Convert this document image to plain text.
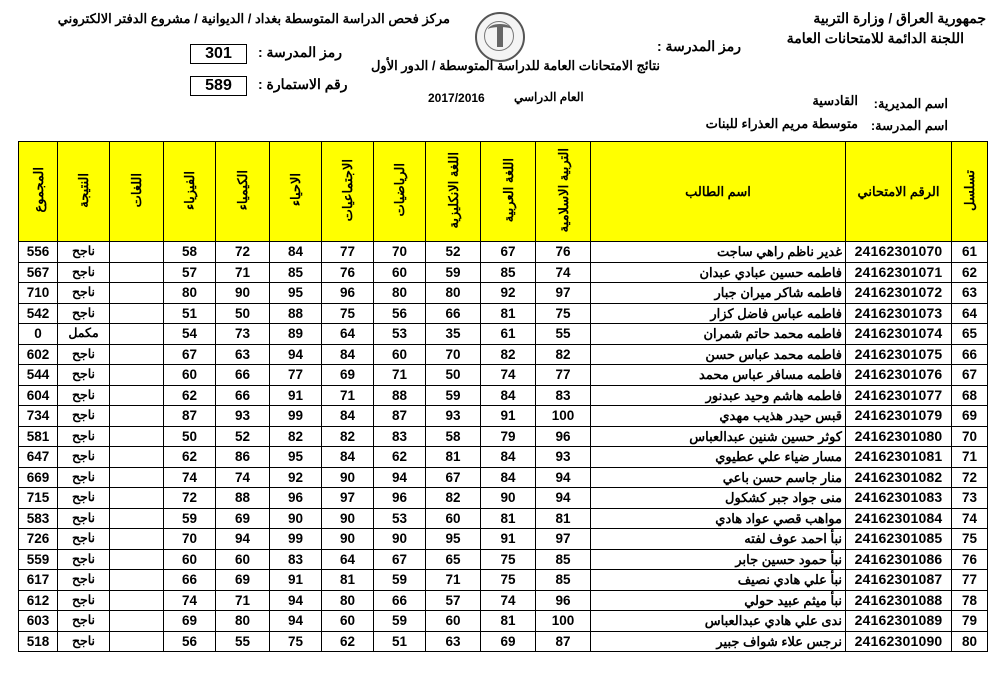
جمهورية العراق / وزارة التربية
اللجنة الدائمة للامتحانات العامة
مركز فحص الدراسة المتوسطة بغداد / الديوانية / مشروع الدفتر الالكتروني
نتائج الامتحانات العامة للدراسة المتوسطة / الدور الأول
رمز المدرسة :
301	رمز المدرسة :
589	رقم الاستمارة :
2017/2016 العام الدراسي	اسم المديرية:
القادسية
اسم المدرسة:
متوسطة مريم العذراء للبنات
تسلسل	الرقم الامتحاني	اسم الطالب	التربية الاسلامية	اللغة العربية	اللغة الانكليزية	الرياضيات	الاجتماعيات	الاحياء	الكيمياء	الفيزياء	اللغات	النتيجة	المجموع
61	24162301070	غدير ناظم راهي ساجت	76	67	52	70	77	84	72	58		ناجح	556
62	24162301071	فاطمه حسين عبادي عبدان	74	85	59	60	76	85	71	57		ناجح	567
63	24162301072	فاطمه شاكر ميران جبار	97	92	80	80	96	95	90	80		ناجح	710
64	24162301073	فاطمه عباس فاضل كزار	75	81	66	56	75	88	50	51		ناجح	542
65	24162301074	فاطمه محمد حاتم شمران	55	61	35	53	64	89	73	54		مكمل	0
66	24162301075	فاطمه محمد عباس حسن	82	82	70	60	84	94	63	67		ناجح	602
67	24162301076	فاطمه مسافر عباس محمد	77	74	50	71	69	77	66	60		ناجح	544
68	24162301077	فاطمه هاشم وحيد عبدنور	83	84	59	88	71	91	66	62		ناجح	604
69	24162301079	قبس حيدر هذيب مهدي	100	91	93	87	84	99	93	87		ناجح	734
70	24162301080	كوثر حسين شنين عبدالعباس	96	79	58	83	82	82	52	50		ناجح	581
71	24162301081	مسار ضياء علي عطيوي	93	84	81	62	84	95	86	62		ناجح	647
72	24162301082	منار جاسم حسن باعي	94	84	67	94	90	92	74	74		ناجح	669
73	24162301083	منى جواد جبر كشكول	94	90	82	96	97	96	88	72		ناجح	715
74	24162301084	مواهب قصي عواد هادي	81	81	60	53	90	90	69	59		ناجح	583
75	24162301085	نبأ احمد عوف لفته	97	91	95	90	90	99	94	70		ناجح	726
76	24162301086	نبأ حمود حسين جابر	85	75	65	67	64	83	60	60		ناجح	559
77	24162301087	نبأ علي هادي نصيف	85	75	71	59	81	91	69	66		ناجح	617
78	24162301088	نبأ ميثم عبيد حولي	96	74	57	66	80	94	71	74		ناجح	612
79	24162301089	ندى علي هادي عبدالعباس	100	81	60	59	60	94	80	69		ناجح	603
80	24162301090	نرجس علاء شواف جبير	87	69	63	51	62	75	55	56		ناجح	518
